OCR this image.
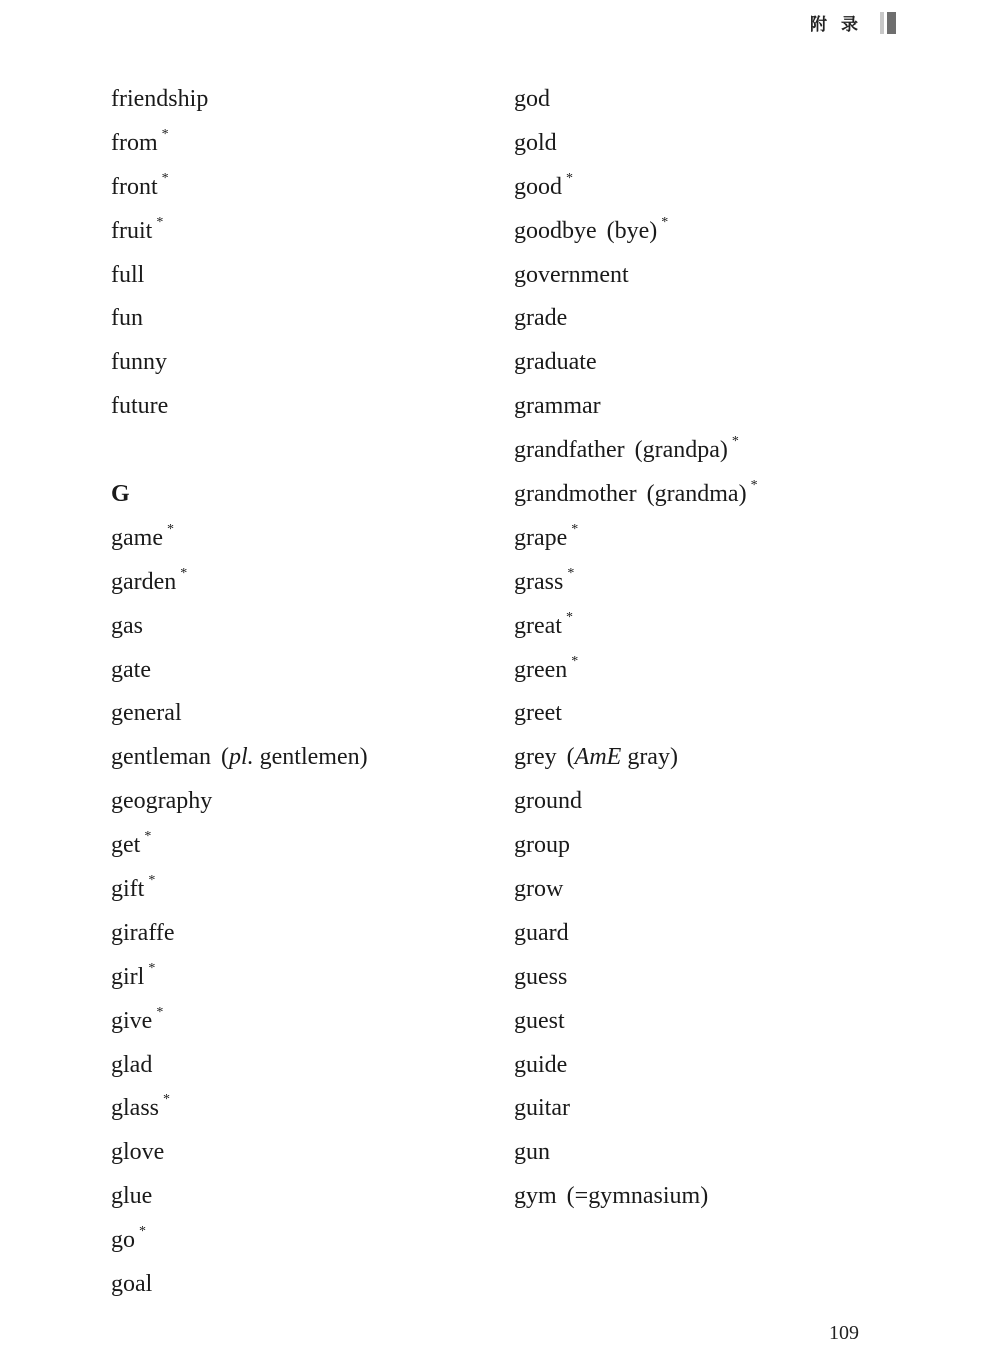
附录
friendship
from *
front *
fruit *
full
fun
funny
future
G
game *
garden *
gas
gate
general
gentleman (pl. gentlemen)
geography
get *
gift *
giraffe
girl *
give *
glad
glass *
glove
glue
go *
goal
god
gold
good *
goodbye (bye) *
government
grade
graduate
grammar
grandfather (grandpa) *
grandmother (grandma) *
grape *
grass *
great *
green *
greet
grey (AmE gray)
ground
group
grow
guard
guess
guest
guide
guitar
gun
gym (=gymnasium)
109
